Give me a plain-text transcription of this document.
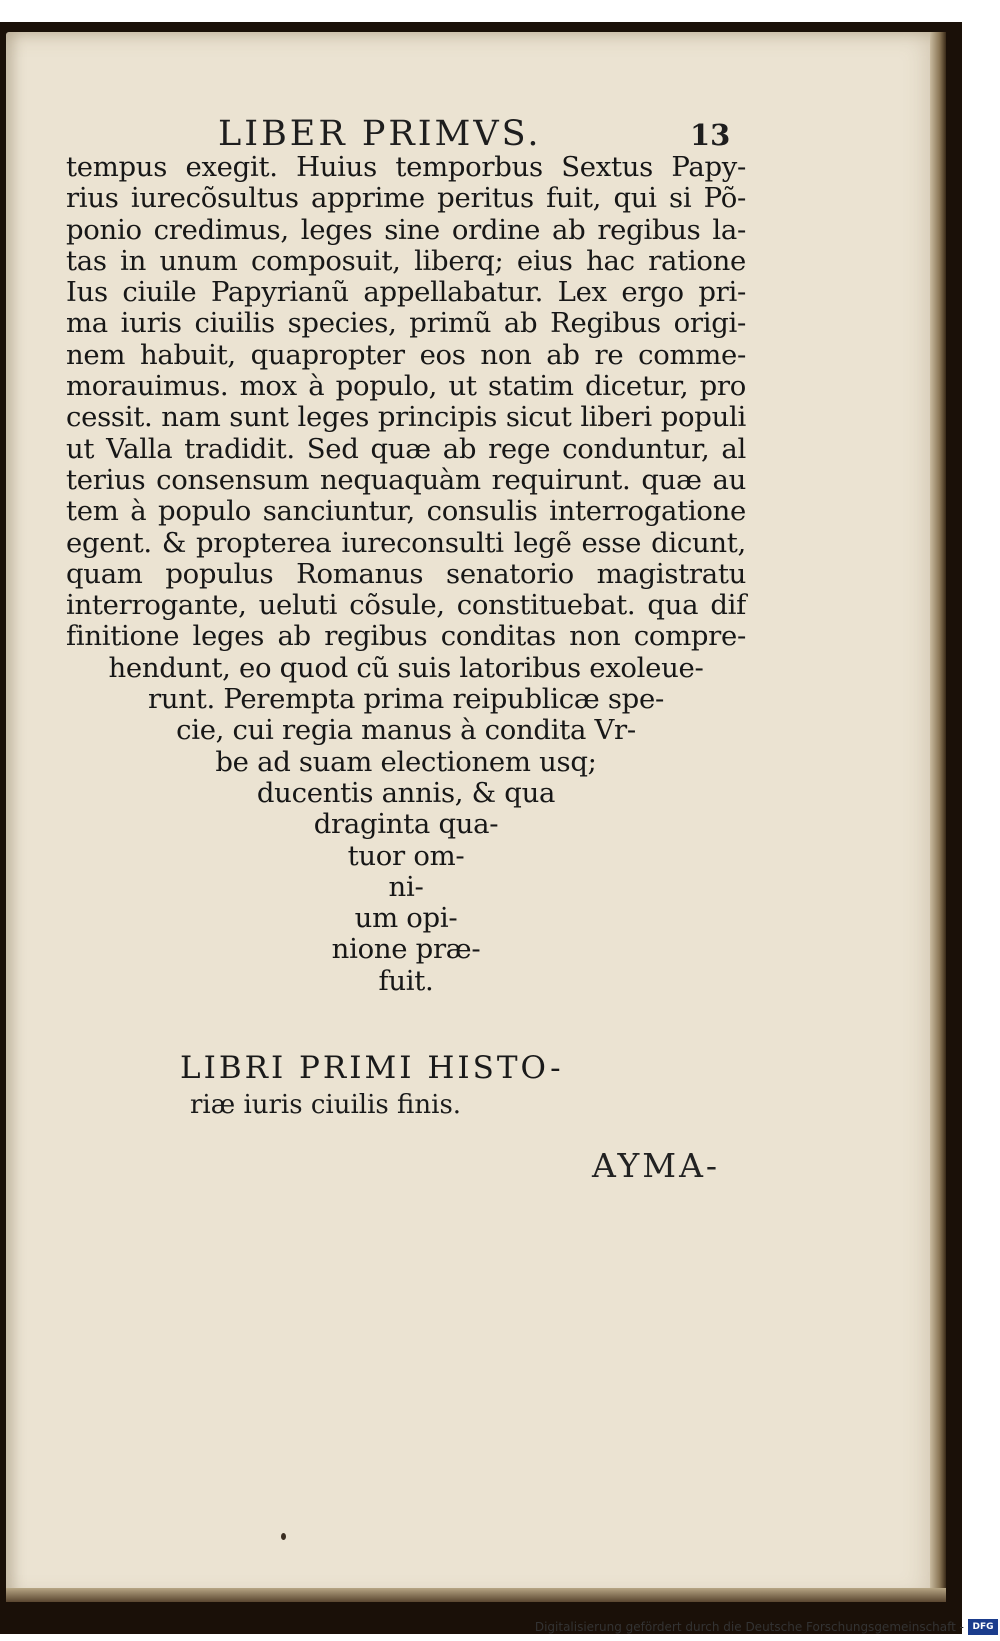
LIBER PRIMVS.	13
tempus exegit. Huius temporbus Sextus Papy-
rius iurecõsultus apprime peritus fuit, qui si Põ-
ponio credimus, leges sine ordine ab regibus la-
tas in unum composuit, liberq; eius hac ratione
Ius ciuile Papyrianũ appellabatur. Lex ergo pri-
ma iuris ciuilis species, primũ ab Regibus origi-
nem habuit, quapropter eos non ab re comme-
morauimus. mox à populo, ut statim dicetur, pro
cessit. nam sunt leges principis sicut liberi populi
ut Valla tradidit. Sed quæ ab rege conduntur, al
terius consensum nequaquàm requirunt. quæ au
tem à populo sanciuntur, consulis interrogatione
egent. & propterea iureconsulti legẽ esse dicunt,
quam populus Romanus senatorio magistratu
interrogante, ueluti cõsule, constituebat. qua dif
finitione leges ab regibus conditas non compre-
hendunt, eo quod cũ suis latoribus exoleue-
runt. Perempta prima reipublicæ spe-
cie, cui regia manus à condita Vr-
be ad suam electionem usq;
ducentis annis, & qua
draginta qua-
tuor om-
ni-
um opi-
nione præ-
fuit.
LIBRI PRIMI HISTO-
riæ iuris ciuilis finis.
AYMA-
Digitalisierung gefördert durch die Deutsche Forschungsgemeinschaft - DFG
